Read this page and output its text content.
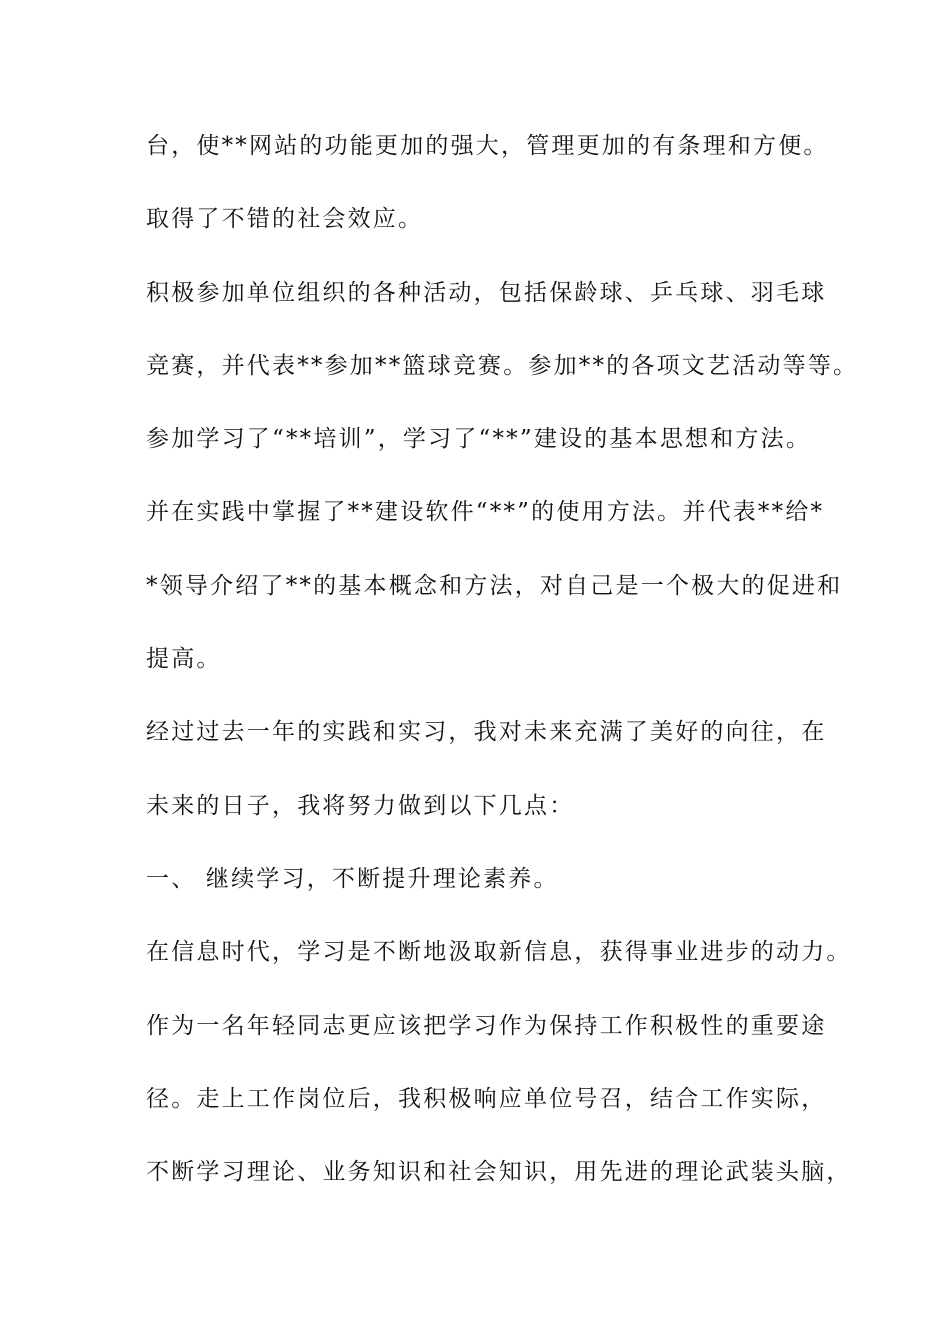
台，使**网站的功能更加的强大，管理更加的有条理和方便。

取得了不错的社会效应。

积极参加单位组织的各种活动，包括保龄球、乒乓球、羽毛球

竞赛，并代表**参加**篮球竞赛。参加**的各项文艺活动等等。

参加学习了“**培训”，学习了“**”建设的基本思想和方法。

并在实践中掌握了**建设软件“**”的使用方法。并代表**给*

*领导介绍了**的基本概念和方法，对自己是一个极大的促进和

提高。

经过过去一年的实践和实习，我对未来充满了美好的向往，在

未来的日子，我将努力做到以下几点：

一、 继续学习，不断提升理论素养。

在信息时代，学习是不断地汲取新信息，获得事业进步的动力。

作为一名年轻同志更应该把学习作为保持工作积极性的重要途

径。走上工作岗位后，我积极响应单位号召，结合工作实际，

不断学习理论、业务知识和社会知识，用先进的理论武装头脑，
